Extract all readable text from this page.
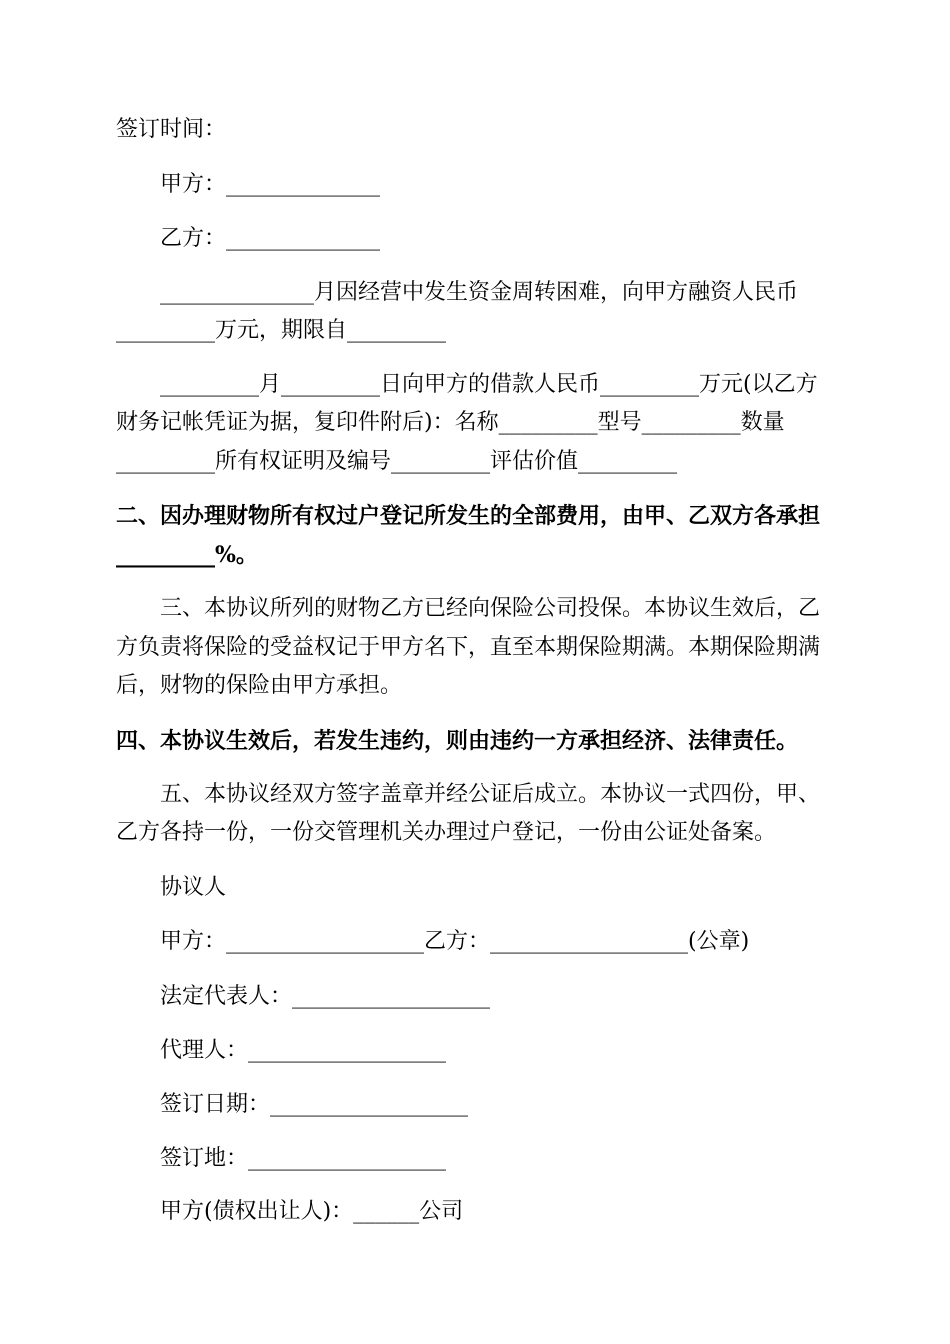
签订时间：
甲方：______________
乙方：______________
______________月因经营中发生资金周转困难，向甲方融资人民币
_________万元，期限自_________
_________月_________日向甲方的借款人民币_________万元(以乙方
财务记帐凭证为据，复印件附后)：名称_________型号_________数量
_________所有权证明及编号_________评估价值_________
二、因办理财物所有权过户登记所发生的全部费用，由甲、乙双方各承担
_________%。
三、本协议所列的财物乙方已经向保险公司投保。本协议生效后，乙
方负责将保险的受益权记于甲方名下，直至本期保险期满。本期保险期满
后，财物的保险由甲方承担。
四、本协议生效后，若发生违约，则由违约一方承担经济、法律责任。
五、本协议经双方签字盖章并经公证后成立。本协议一式四份，甲、
乙方各持一份，一份交管理机关办理过户登记，一份由公证处备案。
协议人
甲方：__________________乙方：__________________(公章)
法定代表人：__________________
代理人：__________________
签订日期：__________________
签订地：__________________
甲方(债权出让人)：______公司
